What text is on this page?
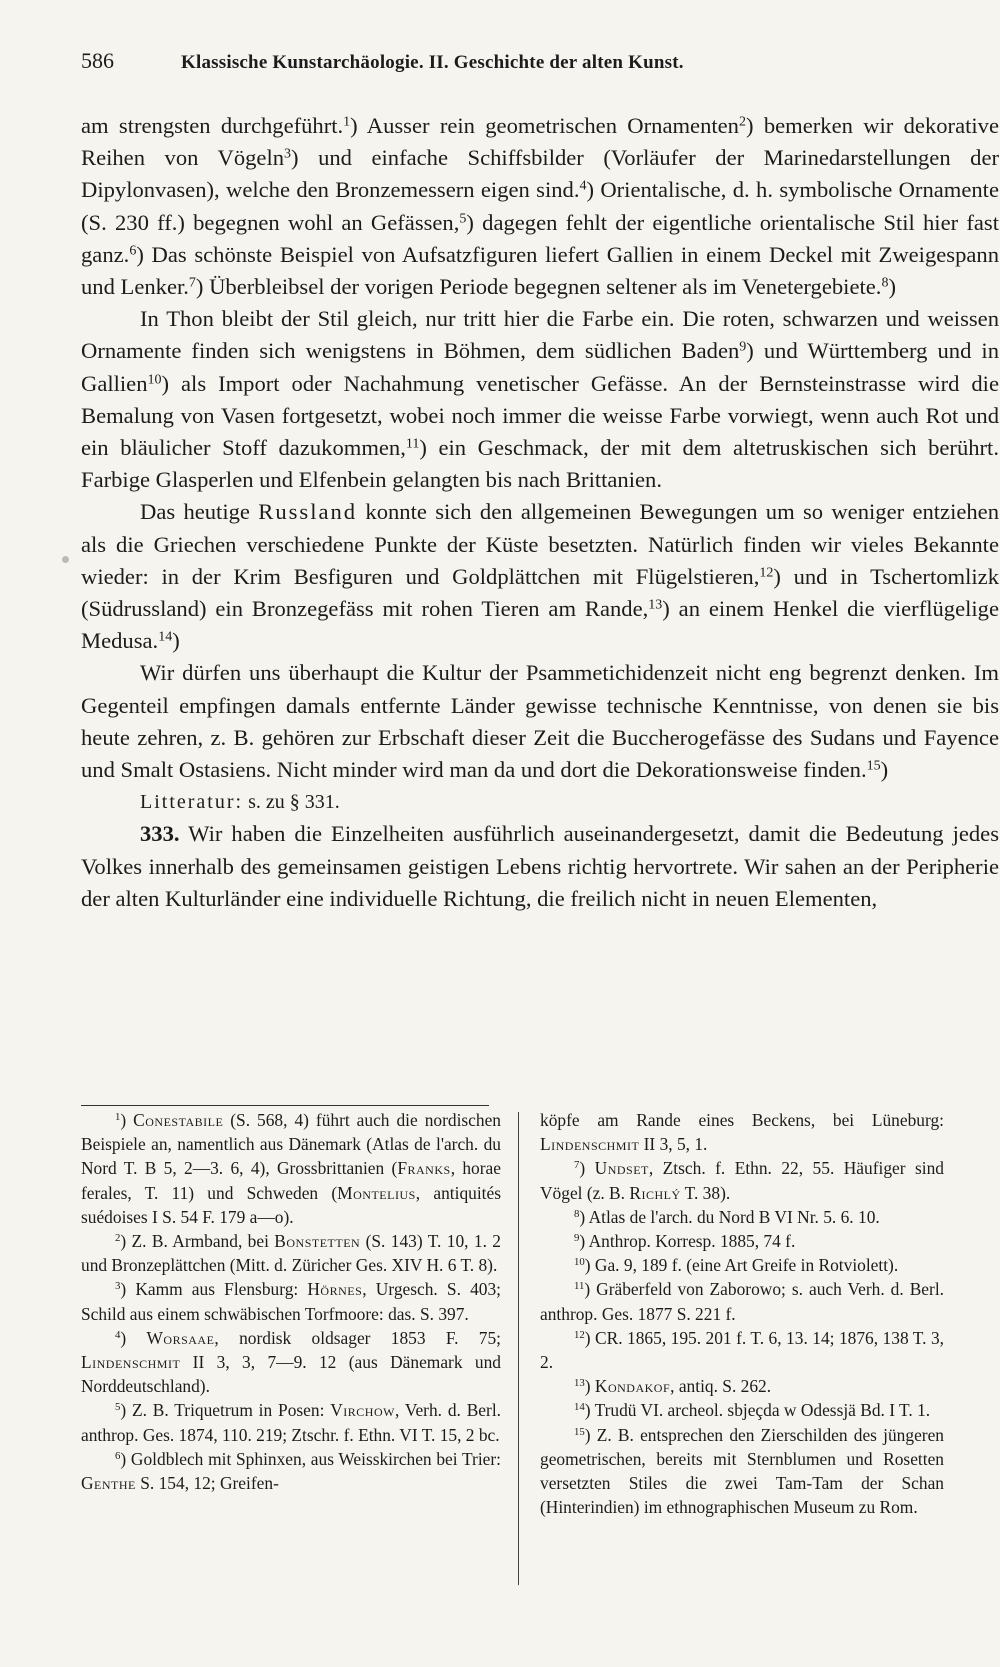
586	Klassische Kunstarchäologie. II. Geschichte der alten Kunst.

am strengsten durchgeführt.$^1$) Ausser rein geometrischen Ornamenten$^2$) bemerken wir dekorative Reihen von Vögeln$^3$) und einfache Schiffsbilder (Vorläufer der Marinedarstellungen der Dipylonvasen), welche den Bronzemessern eigen sind.$^4$) Orientalische, d. h. symbolische Ornamente (S. 230 ff.) begegnen wohl an Gefässen,$^5$) dagegen fehlt der eigentliche orientalische Stil hier fast ganz.$^6$) Das schönste Beispiel von Aufsatzfiguren liefert Gallien in einem Deckel mit Zweigespann und Lenker.$^7$) Überbleibsel der vorigen Periode begegnen seltener als im Venetergebiete.$^8$)

In Thon bleibt der Stil gleich, nur tritt hier die Farbe ein. Die roten, schwarzen und weissen Ornamente finden sich wenigstens in Böhmen, dem südlichen Baden$^9$) und Württemberg und in Gallien$^{10}$) als Import oder Nachahmung venetischer Gefässe. An der Bernsteinstrasse wird die Bemalung von Vasen fortgesetzt, wobei noch immer die weisse Farbe vorwiegt, wenn auch Rot und ein bläulicher Stoff dazukommen,$^{11}$) ein Geschmack, der mit dem altetruskischen sich berührt. Farbige Glasperlen und Elfenbein gelangten bis nach Brittanien.

Das heutige Russland konnte sich den allgemeinen Bewegungen um so weniger entziehen als die Griechen verschiedene Punkte der Küste besetzten. Natürlich finden wir vieles Bekannte wieder: in der Krim Besfiguren und Goldplättchen mit Flügelstieren,$^{12}$) und in Tschertomlizk (Südrussland) ein Bronzegefäss mit rohen Tieren am Rande,$^{13}$) an einem Henkel die vierflügelige Medusa.$^{14}$)

Wir dürfen uns überhaupt die Kultur der Psammetichidenzeit nicht eng begrenzt denken. Im Gegenteil empfingen damals entfernte Länder gewisse technische Kenntnisse, von denen sie bis heute zehren, z. B. gehören zur Erbschaft dieser Zeit die Buccherogefässe des Sudans und Fayence und Smalt Ostasiens. Nicht minder wird man da und dort die Dekorationsweise finden.$^{15}$)

Litteratur: s. zu § 331.

333. Wir haben die Einzelheiten ausführlich auseinandergesetzt, damit die Bedeutung jedes Volkes innerhalb des gemeinsamen geistigen Lebens richtig hervortrete. Wir sahen an der Peripherie der alten Kulturländer eine individuelle Richtung, die freilich nicht in neuen Elementen,

$^1$) Conestabile (S. 568, 4) führt auch die nordischen Beispiele an, namentlich aus Dänemark (Atlas de l'arch. du Nord T. B 5, 2—3. 6, 4), Grossbrittanien (Franks, horae ferales, T. 11) und Schweden (Montelius, antiquités suédoises I S. 54 F. 179 a—o).

$^2$) Z. B. Armband, bei Bonstetten (S. 143) T. 10, 1. 2 und Bronzeplättchen (Mitt. d. Züricher Ges. XIV H. 6 T. 8).

$^3$) Kamm aus Flensburg: Hörnes, Urgesch. S. 403; Schild aus einem schwäbischen Torfmoore: das. S. 397.

$^4$) Worsaae, nordisk oldsager 1853 F. 75; Lindenschmit II 3, 3, 7—9. 12 (aus Dänemark und Norddeutschland).

$^5$) Z. B. Triquetrum in Posen: Virchow, Verh. d. Berl. anthrop. Ges. 1874, 110. 219; Ztschr. f. Ethn. VI T. 15, 2 bc.

$^6$) Goldblech mit Sphinxen, aus Weisskirchen bei Trier: Genthe S. 154, 12; Greifen-

köpfe am Rande eines Beckens, bei Lüneburg: Lindenschmit II 3, 5, 1.

$^7$) Undset, Ztsch. f. Ethn. 22, 55. Häufiger sind Vögel (z. B. Richlý T. 38).

$^8$) Atlas de l'arch. du Nord B VI Nr. 5. 6. 10.

$^9$) Anthrop. Korresp. 1885, 74 f.

$^{10}$) Ga. 9, 189 f. (eine Art Greife in Rotviolett).

$^{11}$) Gräberfeld von Zaborowo; s. auch Verh. d. Berl. anthrop. Ges. 1877 S. 221 f.

$^{12}$) CR. 1865, 195. 201 f. T. 6, 13. 14; 1876, 138 T. 3, 2.

$^{13}$) Kondakof, antiq. S. 262.

$^{14}$) Trudü VI. archeol. sbjeçda w Odessjä Bd. I T. 1.

$^{15}$) Z. B. entsprechen den Zierschilden des jüngeren geometrischen, bereits mit Sternblumen und Rosetten versetzten Stiles die zwei Tam-Tam der Schan (Hinterindien) im ethnographischen Museum zu Rom.
